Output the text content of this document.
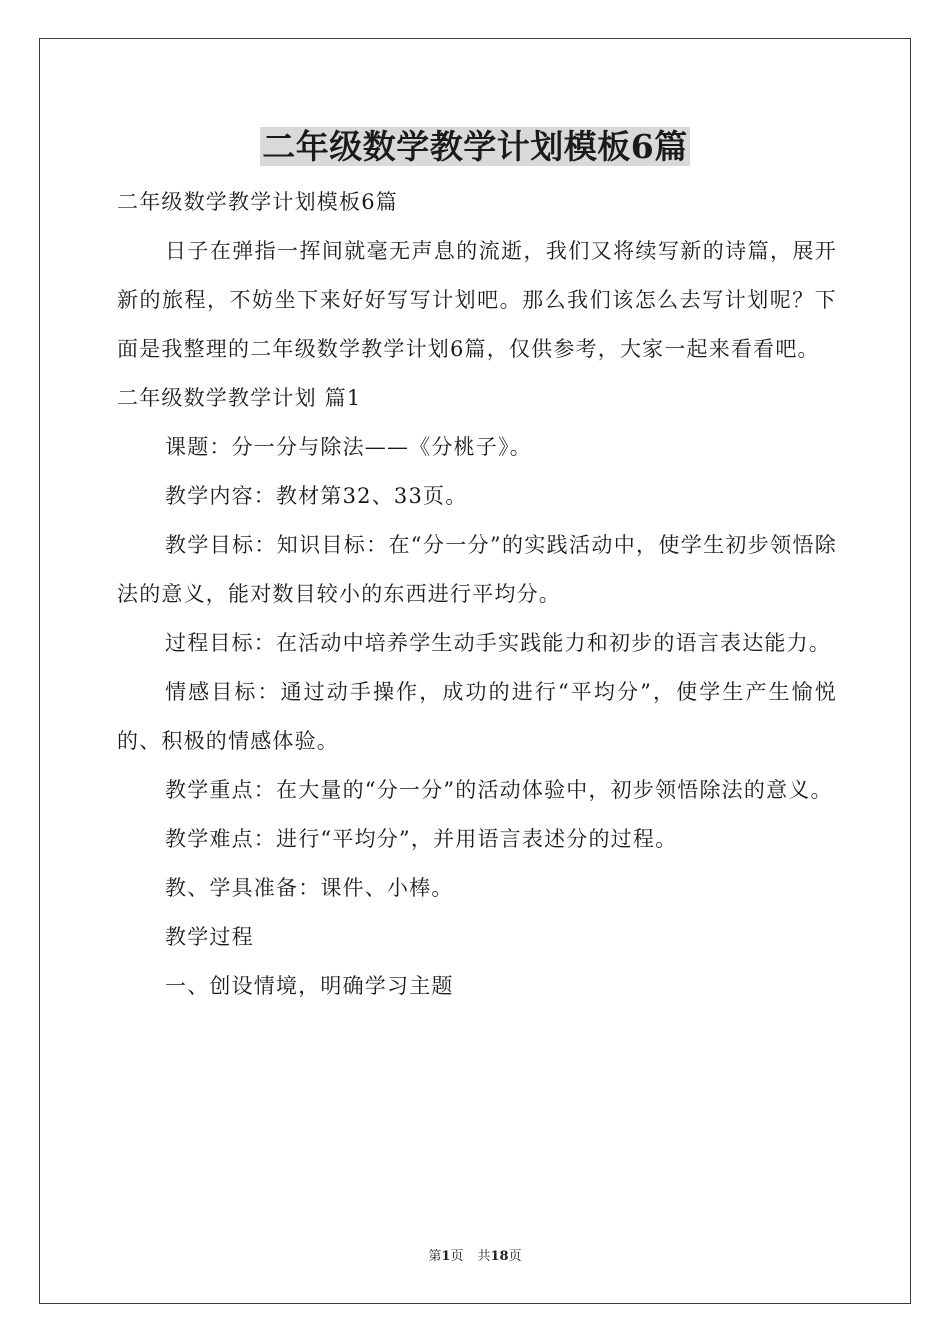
二年级数学教学计划模板6篇

二年级数学教学计划模板6篇

日子在弹指一挥间就毫无声息的流逝，我们又将续写新的诗篇，展开新的旅程，不妨坐下来好好写写计划吧。那么我们该怎么去写计划呢？下面是我整理的二年级数学教学计划6篇，仅供参考，大家一起来看看吧。

二年级数学教学计划 篇1

课题：分一分与除法——《分桃子》。

教学内容：教材第32、33页。

教学目标：知识目标：在“分一分”的实践活动中，使学生初步领悟除法的意义，能对数目较小的东西进行平均分。

过程目标：在活动中培养学生动手实践能力和初步的语言表达能力。

情感目标：通过动手操作，成功的进行“平均分”，使学生产生愉悦的、积极的情感体验。

教学重点：在大量的“分一分”的活动体验中，初步领悟除法的意义。

教学难点：进行“平均分”，并用语言表述分的过程。

教、学具准备：课件、小棒。

教学过程

一、创设情境，明确学习主题

第1页 共18页
